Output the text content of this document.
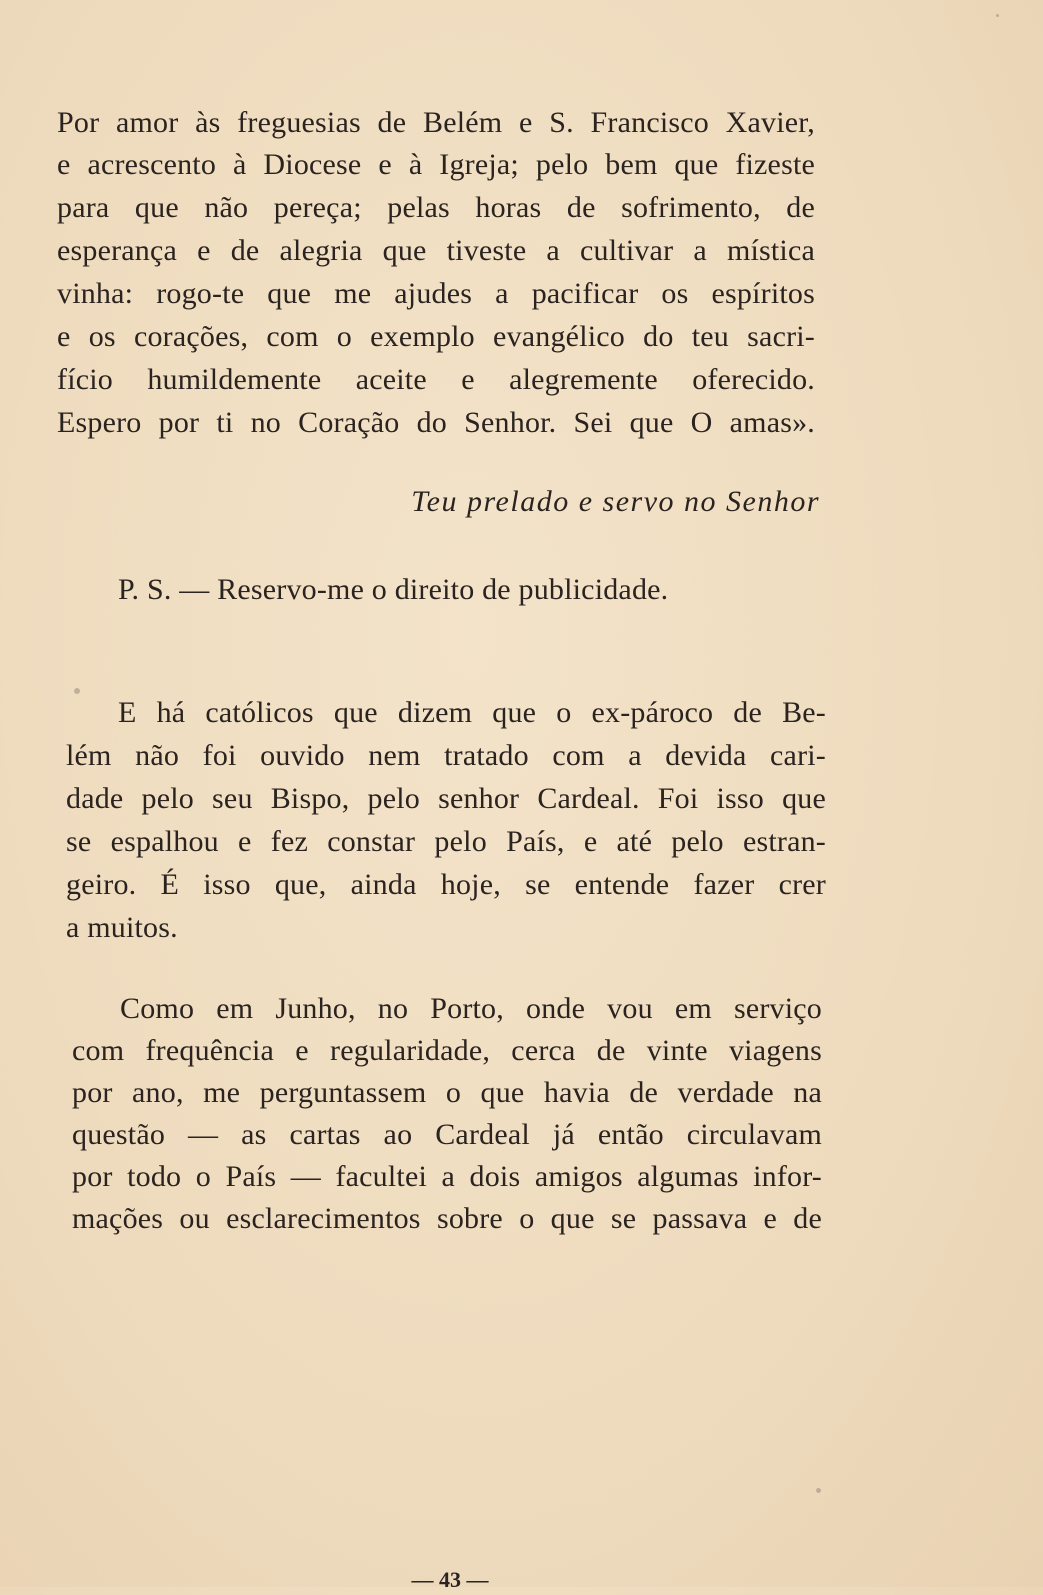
Por amor às freguesias de Belém e S. Francisco Xavier,
e acrescento à Diocese e à Igreja; pelo bem que fizeste
para que não pereça; pelas horas de sofrimento, de
esperança e de alegria que tiveste a cultivar a mística
vinha: rogo-te que me ajudes a pacificar os espíritos
e os corações, com o exemplo evangélico do teu sacri-
fício humildemente aceite e alegremente oferecido.
Espero por ti no Coração do Senhor. Sei que O amas».
Teu prelado e servo no Senhor
P. S. — Reservo-me o direito de publicidade.
E há católicos que dizem que o ex-pároco de Be-
lém não foi ouvido nem tratado com a devida cari-
dade pelo seu Bispo, pelo senhor Cardeal. Foi isso que
se espalhou e fez constar pelo País, e até pelo estran-
geiro. É isso que, ainda hoje, se entende fazer crer
a muitos.
Como em Junho, no Porto, onde vou em serviço
com frequência e regularidade, cerca de vinte viagens
por ano, me perguntassem o que havia de verdade na
questão — as cartas ao Cardeal já então circulavam
por todo o País — facultei a dois amigos algumas infor-
mações ou esclarecimentos sobre o que se passava e de
— 43 —
